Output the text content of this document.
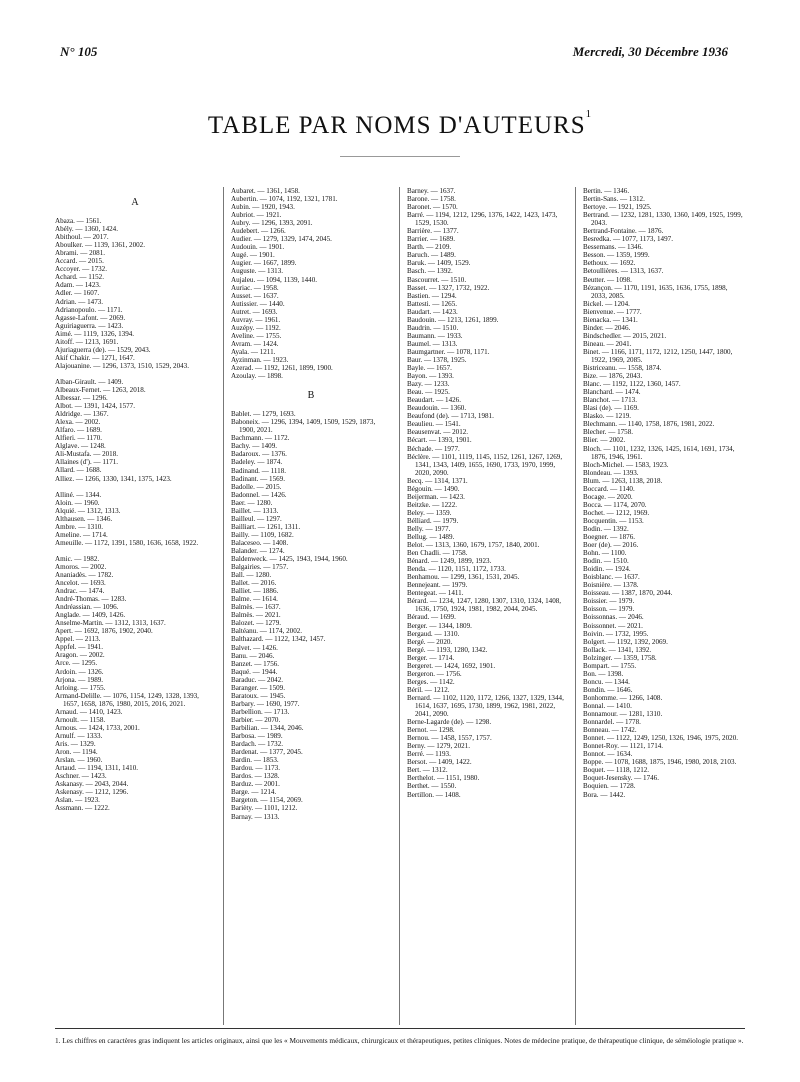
N° 105	Mercredi, 30 Décembre 1936
TABLE PAR NOMS D'AUTEURS$^1$
A
Abaza. — 1561.
Abély. — 1360, 1424.
Abithoul. — 2017.
Aboulker. — 1139, 1361, 2002.
Abrami. — 2081.
Accard. — 2015.
Accoyer. — 1732.
Achard. — 1152.
Adam. — 1423.
Adler. — 1607.
Adrian. — 1473.
Adrianopoulo. — 1171.
Agasse-Lafont. — 2069.
Aguiriaguerra. — 1423.
Aimé. — 1119, 1326, 1394.
Aitoff. — 1213, 1691.
Ajuriaguerra (de). — 1529, 2043.
Akif Chakir. — 1271, 1647.
Alajouanine. — 1296, 1373, 1510, 1529, 2043.
Alban-Girault. — 1409.
Albeaux-Fernet. — 1263, 2018.
Albessar. — 1296.
Albot. — 1391, 1424, 1577.
Aldridge. — 1367.
Alexa. — 2002.
Alfaro. — 1689.
Alfieri. — 1170.
Alglave. — 1248.
Ali-Mustafa. — 2018.
Allaines (d'). — 1171.
Allard. — 1688.
Alliez. — 1266, 1330, 1341, 1375, 1423.
Alliné. — 1344.
Aloin. — 1960.
Alquié. — 1312, 1313.
Althausen. — 1346.
Ambre. — 1310.
Ameline. — 1714.
Ameuille. — 1172, 1391, 1580, 1636, 1658, 1922.
Amic. — 1982.
Amoros. — 2002.
Ananiadès. — 1782.
Ancelot. — 1693.
Andrac. — 1474.
André-Thomas. — 1283.
Andréassian. — 1096.
Anglade. — 1409, 1426.
Anselme-Martin. — 1312, 1313, 1637.
Apert. — 1692, 1876, 1902, 2040.
Appel. — 2113.
Appfel. — 1941.
Aragon. — 2002.
Arce. — 1295.
Ardoin. — 1326.
Arjona. — 1989.
Arloing. — 1755.
Armand-Delille. — 1076, 1154, 1249, 1328, 1393, 1657, 1658, 1876, 1980, 2015, 2016, 2021.
Arnaud. — 1410, 1423.
Arnoult. — 1158.
Arnous. — 1424, 1733, 2001.
Arnulf. — 1333.
Aris. — 1329.
Aron. — 1194.
Arslan. — 1960.
Artaud. — 1194, 1311, 1410.
Aschner. — 1423.
Askanasy. — 2043, 2044.
Askenasy. — 1212, 1296.
Aslan. — 1923.
Assmann. — 1222.
Aubaret. — 1361, 1458.
Aubertin. — 1074, 1192, 1321, 1781.
Aubin. — 1920, 1943.
Aubriot. — 1921.
Aubry. — 1296, 1393, 2091.
Audebert. — 1266.
Audier. — 1279, 1329, 1474, 2045.
Audouin. — 1901.
Augé. — 1901.
Augier. — 1667, 1899.
Auguste. — 1313.
Aujaleu. — 1094, 1139, 1440.
Auriac. — 1958.
Ausset. — 1637.
Autissier. — 1440.
Autret. — 1693.
Auvray. — 1961.
Auzépy. — 1192.
Aveline. — 1755.
Avram. — 1424.
Ayala. — 1211.
Ayzinman. — 1923.
Azerad. — 1192, 1261, 1899, 1900.
Azoulay. — 1898.
B
Bablet. — 1279, 1693.
Baboneix. — 1296, 1394, 1409, 1509, 1529, 1873, 1900, 2021.
Bachmann. — 1172.
Bachy. — 1409.
Badaroux. — 1376.
Badeley. — 1874.
Badinand. — 1118.
Badinant. — 1569.
Badolle. — 2015.
Badonnel. — 1426.
Baer. — 1280.
Baillet. — 1313.
Bailleul. — 1297.
Bailliart. — 1261, 1311.
Bailly. — 1109, 1682.
Balaceseo. — 1408.
Balander. — 1274.
Baldenweck. — 1425, 1943, 1944, 1960.
Balgairies. — 1757.
Ball. — 1280.
Ballet. — 2016.
Balliet. — 1886.
Balme. — 1614.
Balmès. — 1637.
Balmès. — 2021.
Balozet. — 1279.
Baltéanu. — 1174, 2002.
Balthazard. — 1122, 1342, 1457.
Balvet. — 1426.
Banu. — 2046.
Banzet. — 1756.
Baqué. — 1944.
Baraduc. — 2042.
Baranger. — 1509.
Baratoux. — 1945.
Barbary. — 1690, 1977.
Barbellion. — 1713.
Barbier. — 2070.
Barbilian. — 1344, 2046.
Barbosa. — 1989.
Bardach. — 1732.
Bardenat. — 1377, 2045.
Bardin. — 1853.
Bardou. — 1173.
Bardos. — 1328.
Barduz. — 2001.
Barge. — 1214.
Bargeton. — 1154, 2069.
Barièty. — 1101, 1212.
Barnay. — 1313.
Barney. — 1637.
Barone. — 1758.
Baronet. — 1570.
Barré. — 1194, 1212, 1296, 1376, 1422, 1423, 1473, 1529, 1530.
Barrière. — 1377.
Barrier. — 1689.
Barth. — 2109.
Baruch. — 1489.
Baruk. — 1409, 1529.
Basch. — 1392.
Bascourret. — 1510.
Basset. — 1327, 1732, 1922.
Bastien. — 1294.
Battesti. — 1265.
Baudart. — 1423.
Baudouin. — 1213, 1261, 1899.
Baudrin. — 1510.
Baumann. — 1933.
Baumel. — 1313.
Baumgartner. — 1078, 1171.
Baur. — 1378, 1925.
Bayle. — 1657.
Bayon. — 1393.
Bazy. — 1233.
Beau. — 1925.
Beaudart. — 1426.
Beaudouin. — 1360.
Beaufond (de). — 1713, 1981.
Beaulieu. — 1541.
Beausenvat. — 2012.
Bécart. — 1393, 1901.
Béchade. — 1977.
Béclère. — 1101, 1119, 1145, 1152, 1261, 1267, 1269, 1341, 1343, 1409, 1655, 1690, 1733, 1970, 1999, 2020, 2090.
Becq. — 1314, 1371.
Bégouin. — 1490.
Beijerman. — 1423.
Beitzke. — 1222.
Beley. — 1359.
Bélliard. — 1979.
Belly. — 1977.
Bellug. — 1489.
Belot. — 1313, 1360, 1679, 1757, 1840, 2001.
Ben Chadli. — 1758.
Bénard. — 1249, 1899, 1923.
Benda. — 1120, 1151, 1172, 1733.
Benhamou. — 1299, 1361, 1531, 2045.
Bennejeant. — 1979.
Bentegeat. — 1411.
Bérard. — 1234, 1247, 1280, 1307, 1310, 1324, 1408, 1636, 1750, 1924, 1981, 1982, 2044, 2045.
Béraud. — 1699.
Berger. — 1344, 1809.
Bergaud. — 1310.
Bergé. — 2020.
Bergé. — 1193, 1280, 1342.
Berger. — 1714.
Bergeret. — 1424, 1692, 1901.
Bergeron. — 1756.
Berges. — 1142.
Béril. — 1212.
Bernard. — 1102, 1120, 1172, 1266, 1327, 1329, 1344, 1614, 1637, 1695, 1730, 1899, 1962, 1981, 2022, 2041, 2090.
Berne-Lagarde (de). — 1298.
Bernot. — 1298.
Bernou. — 1458, 1557, 1757.
Berny. — 1279, 2021.
Berré. — 1193.
Bersot. — 1409, 1422.
Bert. — 1312.
Berthelot. — 1151, 1980.
Berthet. — 1550.
Bertillon. — 1408.
Bertin. — 1346.
Bertin-Sans. — 1312.
Bertoye. — 1921, 1925.
Bertrand. — 1232, 1281, 1330, 1360, 1409, 1925, 1999, 2043.
Bertrand-Fontaine. — 1876.
Besredka. — 1077, 1173, 1497.
Bessemans. — 1346.
Besson. — 1359, 1999.
Bethoux. — 1692.
Betoullières. — 1313, 1637.
Beutter. — 1098.
Bézançon. — 1170, 1191, 1635, 1636, 1755, 1898, 2033, 2085.
Bickel. — 1204.
Bienvenue. — 1777.
Bienacka. — 1341.
Binder. — 2046.
Bindschedler. — 2015, 2021.
Bineau. — 2041.
Binet. — 1166, 1171, 1172, 1212, 1250, 1447, 1800, 1922, 1969, 2085.
Bistriceanu. — 1558, 1874.
Bize. — 1876, 2043.
Blanc. — 1192, 1122, 1360, 1457.
Blanchard. — 1474.
Blanchot. — 1713.
Blasi (de). — 1169.
Blasko. — 1219.
Blechmann. — 1140, 1758, 1876, 1981, 2022.
Blecher. — 1758.
Blier. — 2002.
Bloch. — 1101, 1232, 1326, 1425, 1614, 1691, 1734, 1876, 1946, 1961.
Bloch-Michel. — 1583, 1923.
Blondeau. — 1393.
Blum. — 1263, 1138, 2018.
Boccard. — 1140.
Bocage. — 2020.
Bocca. — 1174, 2070.
Bochet. — 1212, 1969.
Bocquentin. — 1153.
Bodin. — 1392.
Boegner. — 1876.
Boer (de). — 2016.
Bohn. — 1100.
Bodin. — 1510.
Boidin. — 1924.
Boisblanc. — 1637.
Boisnière. — 1378.
Boisseau. — 1387, 1870, 2044.
Boissier. — 1979.
Boisson. — 1979.
Boissonnas. — 2046.
Boissonnet. — 2021.
Boivin. — 1732, 1995.
Bolgert. — 1192, 1392, 2069.
Bollack. — 1341, 1392.
Bolzinger. — 1359, 1758.
Bompart. — 1755.
Bon. — 1398.
Boncu. — 1344.
Bondin. — 1646.
Bonhomme. — 1266, 1408.
Bonnal. — 1410.
Bonnamour. — 1281, 1310.
Bonnardel. — 1778.
Bonneau. — 1742.
Bonnet. — 1122, 1249, 1250, 1326, 1946, 1975, 2020.
Bonnet-Roy. — 1121, 1714.
Bonnot. — 1634.
Boppe. — 1078, 1688, 1875, 1946, 1980, 2018, 2103.
Boquet. — 1118, 1212.
Boquet-Jesensky. — 1746.
Boquien. — 1728.
Bora. — 1442.
1. Les chiffres en caractères gras indiquent les articles originaux, ainsi que les « Mouvements médicaux, chirurgicaux et thérapeutiques, petites cliniques. Notes de médecine pratique, de thérapeutique clinique, de séméiologie pratique ».
